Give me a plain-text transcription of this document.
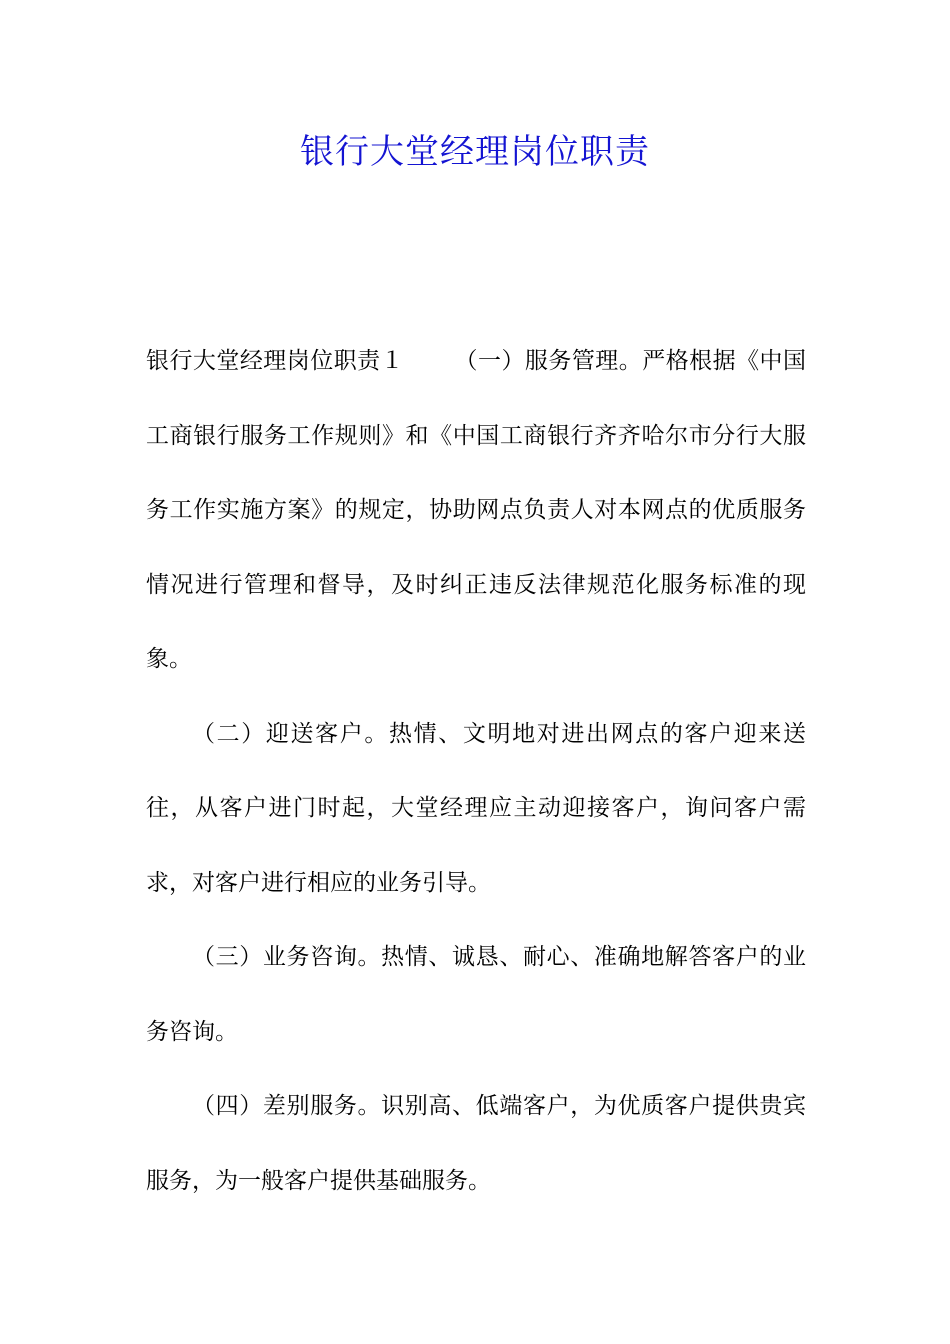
银行大堂经理岗位职责

银行大堂经理岗位职责１ （一）服务管理。严格根据《中国工商银行服务工作规则》和《中国工商银行齐齐哈尔市分行大服务工作实施方案》的规定，协助网点负责人对本网点的优质服务情况进行管理和督导，及时纠正违反法律规范化服务标准的现象。

（二）迎送客户。热情、文明地对进出网点的客户迎来送往，从客户进门时起，大堂经理应主动迎接客户，询问客户需求，对客户进行相应的业务引导。

（三）业务咨询。热情、诚恳、耐心、准确地解答客户的业务咨询。

（四）差别服务。识别高、低端客户，为优质客户提供贵宾服务，为一般客户提供基础服务。
